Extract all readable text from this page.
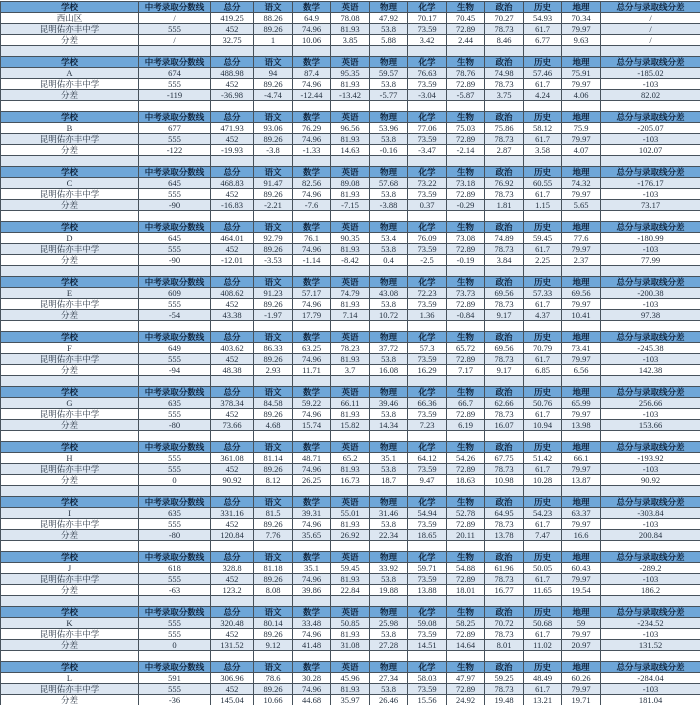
学校	中考录取分数线	总分	语文	数学	英语	物理	化学	生物	政治	历史	地理	总分与录取线分差
西山区	/	419.25	88.26	64.9	78.08	47.92	70.17	70.45	70.27	54.93	70.34	/
昆明佑亦丰中学	555	452	89.26	74.96	81.93	53.8	73.59	72.89	78.73	61.7	79.97	/
分差	/	32.75	1	10.06	3.85	5.88	3.42	2.44	8.46	6.77	9.63	/

学校	中考录取分数线	总分	语文	数学	英语	物理	化学	生物	政治	历史	地理	总分与录取线分差
A	674	488.98	94	87.4	95.35	59.57	76.63	78.76	74.98	57.46	75.91	-185.02
昆明佑亦丰中学	555	452	89.26	74.96	81.93	53.8	73.59	72.89	78.73	61.7	79.97	-103
分差	-119	-36.98	-4.74	-12.44	-13.42	-5.77	-3.04	-5.87	3.75	4.24	4.06	82.02

学校	中考录取分数线	总分	语文	数学	英语	物理	化学	生物	政治	历史	地理	总分与录取线分差
B	677	471.93	93.06	76.29	96.56	53.96	77.06	75.03	75.86	58.12	75.9	-205.07
昆明佑亦丰中学	555	452	89.26	74.96	81.93	53.8	73.59	72.89	78.73	61.7	79.97	-103
分差	-122	-19.93	-3.8	-1.33	14.63	-0.16	-3.47	-2.14	2.87	3.58	4.07	102.07

学校	中考录取分数线	总分	语文	数学	英语	物理	化学	生物	政治	历史	地理	总分与录取线分差
C	645	468.83	91.47	82.56	89.08	57.68	73.22	73.18	76.92	60.55	74.32	-176.17
昆明佑亦丰中学	555	452	89.26	74.96	81.93	53.8	73.59	72.89	78.73	61.7	79.97	-103
分差	-90	-16.83	-2.21	-7.6	-7.15	-3.88	0.37	-0.29	1.81	1.15	5.65	73.17

学校	中考录取分数线	总分	语文	数学	英语	物理	化学	生物	政治	历史	地理	总分与录取线分差
D	645	464.01	92.79	76.1	90.35	53.4	76.09	73.08	74.89	59.45	77.6	-180.99
昆明佑亦丰中学	555	452	89.26	74.96	81.93	53.8	73.59	72.89	78.73	61.7	79.97	-103
分差	-90	-12.01	-3.53	-1.14	-8.42	0.4	-2.5	-0.19	3.84	2.25	2.37	77.99

学校	中考录取分数线	总分	语文	数学	英语	物理	化学	生物	政治	历史	地理	总分与录取线分差
E	609	408.62	91.23	57.17	74.79	43.08	72.23	73.73	69.56	57.33	69.56	-200.38
昆明佑亦丰中学	555	452	89.26	74.96	81.93	53.8	73.59	72.89	78.73	61.7	79.97	-103
分差	-54	43.38	-1.97	17.79	7.14	10.72	1.36	-0.84	9.17	4.37	10.41	97.38

学校	中考录取分数线	总分	语文	数学	英语	物理	化学	生物	政治	历史	地理	总分与录取线分差
F	649	403.62	86.33	63.25	78.23	37.72	57.3	65.72	69.56	70.79	73.41	-245.38
昆明佑亦丰中学	555	452	89.26	74.96	81.93	53.8	73.59	72.89	78.73	61.7	79.97	-103
分差	-94	48.38	2.93	11.71	3.7	16.08	16.29	7.17	9.17	6.85	6.56	142.38

学校	中考录取分数线	总分	语文	数学	英语	物理	化学	生物	政治	历史	地理	总分与录取线分差
G	635	378.34	84.58	59.22	66.11	39.46	66.36	66.7	62.66	50.76	65.99	256.66
昆明佑亦丰中学	555	452	89.26	74.96	81.93	53.8	73.59	72.89	78.73	61.7	79.97	-103
分差	-80	73.66	4.68	15.74	15.82	14.34	7.23	6.19	16.07	10.94	13.98	153.66

学校	中考录取分数线	总分	语文	数学	英语	物理	化学	生物	政治	历史	地理	总分与录取线分差
H	555	361.08	81.14	48.71	65.2	35.1	64.12	54.26	67.75	51.42	66.1	-193.92
昆明佑亦丰中学	555	452	89.26	74.96	81.93	53.8	73.59	72.89	78.73	61.7	79.97	-103
分差	0	90.92	8.12	26.25	16.73	18.7	9.47	18.63	10.98	10.28	13.87	90.92

学校	中考录取分数线	总分	语文	数学	英语	物理	化学	生物	政治	历史	地理	总分与录取线分差
I	635	331.16	81.5	39.31	55.01	31.46	54.94	52.78	64.95	54.23	63.37	-303.84
昆明佑亦丰中学	555	452	89.26	74.96	81.93	53.8	73.59	72.89	78.73	61.7	79.97	-103
分差	-80	120.84	7.76	35.65	26.92	22.34	18.65	20.11	13.78	7.47	16.6	200.84

学校	中考录取分数线	总分	语文	数学	英语	物理	化学	生物	政治	历史	地理	总分与录取线分差
J	618	328.8	81.18	35.1	59.45	33.92	59.71	54.88	61.96	50.05	60.43	-289.2
昆明佑亦丰中学	555	452	89.26	74.96	81.93	53.8	73.59	72.89	78.73	61.7	79.97	-103
分差	-63	123.2	8.08	39.86	22.84	19.88	13.88	18.01	16.77	11.65	19.54	186.2

学校	中考录取分数线	总分	语文	数学	英语	物理	化学	生物	政治	历史	地理	总分与录取线分差
K	555	320.48	80.14	33.48	50.85	25.98	59.08	58.25	70.72	50.68	59	-234.52
昆明佑亦丰中学	555	452	89.26	74.96	81.93	53.8	73.59	72.89	78.73	61.7	79.97	-103
分差	0	131.52	9.12	41.48	31.08	27.28	14.51	14.64	8.01	11.02	20.97	131.52

学校	中考录取分数线	总分	语文	数学	英语	物理	化学	生物	政治	历史	地理	总分与录取线分差
L	591	306.96	78.6	30.28	45.96	27.34	58.03	47.97	59.25	48.49	60.26	-284.04
昆明佑亦丰中学	555	452	89.26	74.96	81.93	53.8	73.59	72.89	78.73	61.7	79.97	-103
分差	-36	145.04	10.66	44.68	35.97	26.46	15.56	24.92	19.48	13.21	19.71	181.04
